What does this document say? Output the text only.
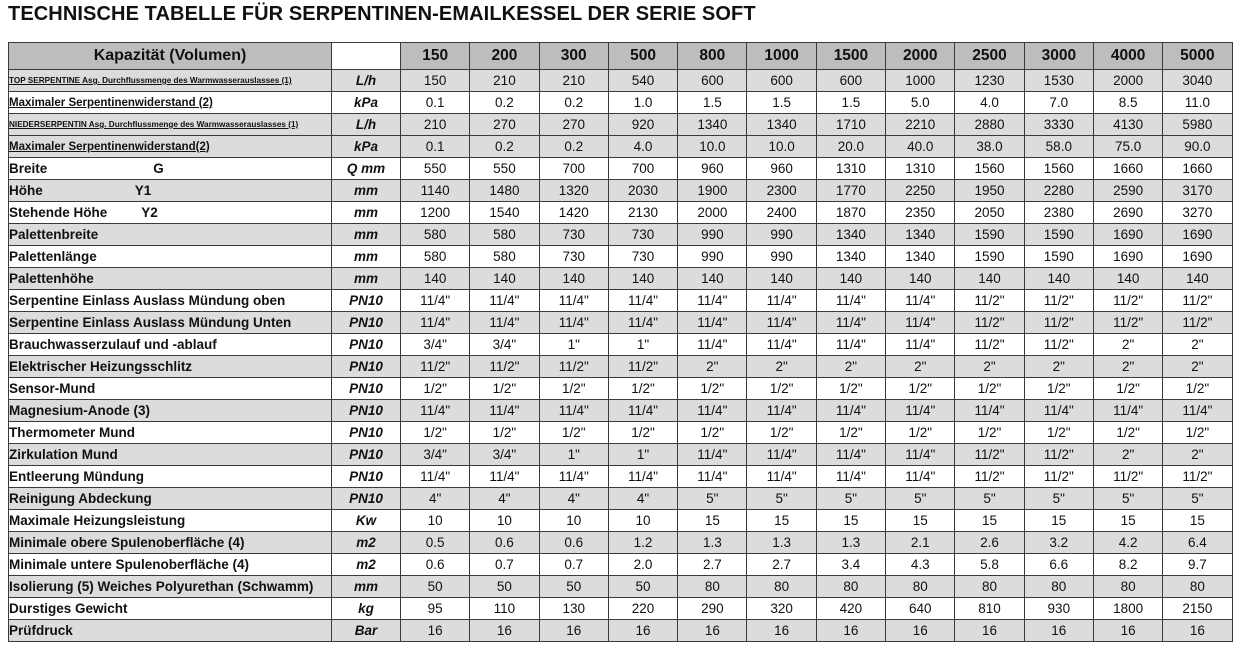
TECHNISCHE TABELLE FÜR SERPENTINEN-EMAILKESSEL DER SERIE SOFT
Kapazität (Volumen)		150	200	300	500	800	1000	1500	2000	2500	3000	4000	5000
TOP SERPENTINE Asg. Durchflussmenge des Warmwasserauslasses (1)	L/h	150	210	210	540	600	600	600	1000	1230	1530	2000	3040
Maximaler Serpentinenwiderstand (2)	kPa	0.1	0.2	0.2	1.0	1.5	1.5	1.5	5.0	4.0	7.0	8.5	11.0
NIEDERSERPENTIN Asg. Durchflussmenge des Warmwasserauslasses (1)	L/h	210	270	270	920	1340	1340	1710	2210	2880	3330	4130	5980
Maximaler Serpentinenwiderstand(2)	kPa	0.1	0.2	0.2	4.0	10.0	10.0	20.0	40.0	38.0	58.0	75.0	90.0
Breite G	Q mm	550	550	700	700	960	960	1310	1310	1560	1560	1660	1660
Höhe Y1	mm	1140	1480	1320	2030	1900	2300	1770	2250	1950	2280	2590	3170
Stehende Höhe Y2	mm	1200	1540	1420	2130	2000	2400	1870	2350	2050	2380	2690	3270
Palettenbreite	mm	580	580	730	730	990	990	1340	1340	1590	1590	1690	1690
Palettenlänge	mm	580	580	730	730	990	990	1340	1340	1590	1590	1690	1690
Palettenhöhe	mm	140	140	140	140	140	140	140	140	140	140	140	140
Serpentine Einlass Auslass Mündung oben	PN10	11/4"	11/4"	11/4"	11/4"	11/4"	11/4"	11/4"	11/4"	11/2"	11/2"	11/2"	11/2"
Serpentine Einlass Auslass Mündung Unten	PN10	11/4"	11/4"	11/4"	11/4"	11/4"	11/4"	11/4"	11/4"	11/2"	11/2"	11/2"	11/2"
Brauchwasserzulauf und -ablauf	PN10	3/4"	3/4"	1"	1"	11/4"	11/4"	11/4"	11/4"	11/2"	11/2"	2"	2"
Elektrischer Heizungsschlitz	PN10	11/2"	11/2"	11/2"	11/2"	2"	2"	2"	2"	2"	2"	2"	2"
Sensor-Mund	PN10	1/2"	1/2"	1/2"	1/2"	1/2"	1/2"	1/2"	1/2"	1/2"	1/2"	1/2"	1/2"
Magnesium-Anode (3)	PN10	11/4"	11/4"	11/4"	11/4"	11/4"	11/4"	11/4"	11/4"	11/4"	11/4"	11/4"	11/4"
Thermometer Mund	PN10	1/2"	1/2"	1/2"	1/2"	1/2"	1/2"	1/2"	1/2"	1/2"	1/2"	1/2"	1/2"
Zirkulation Mund	PN10	3/4"	3/4"	1"	1"	11/4"	11/4"	11/4"	11/4"	11/2"	11/2"	2"	2"
Entleerung Mündung	PN10	11/4"	11/4"	11/4"	11/4"	11/4"	11/4"	11/4"	11/4"	11/2"	11/2"	11/2"	11/2"
Reinigung Abdeckung	PN10	4"	4"	4"	4"	5"	5"	5"	5"	5"	5"	5"	5"
Maximale Heizungsleistung	Kw	10	10	10	10	15	15	15	15	15	15	15	15
Minimale obere Spulenoberfläche (4)	m2	0.5	0.6	0.6	1.2	1.3	1.3	1.3	2.1	2.6	3.2	4.2	6.4
Minimale untere Spulenoberfläche (4)	m2	0.6	0.7	0.7	2.0	2.7	2.7	3.4	4.3	5.8	6.6	8.2	9.7
Isolierung (5) Weiches Polyurethan (Schwamm)	mm	50	50	50	50	80	80	80	80	80	80	80	80
Durstiges Gewicht	kg	95	110	130	220	290	320	420	640	810	930	1800	2150
Prüfdruck	Bar	16	16	16	16	16	16	16	16	16	16	16	16
